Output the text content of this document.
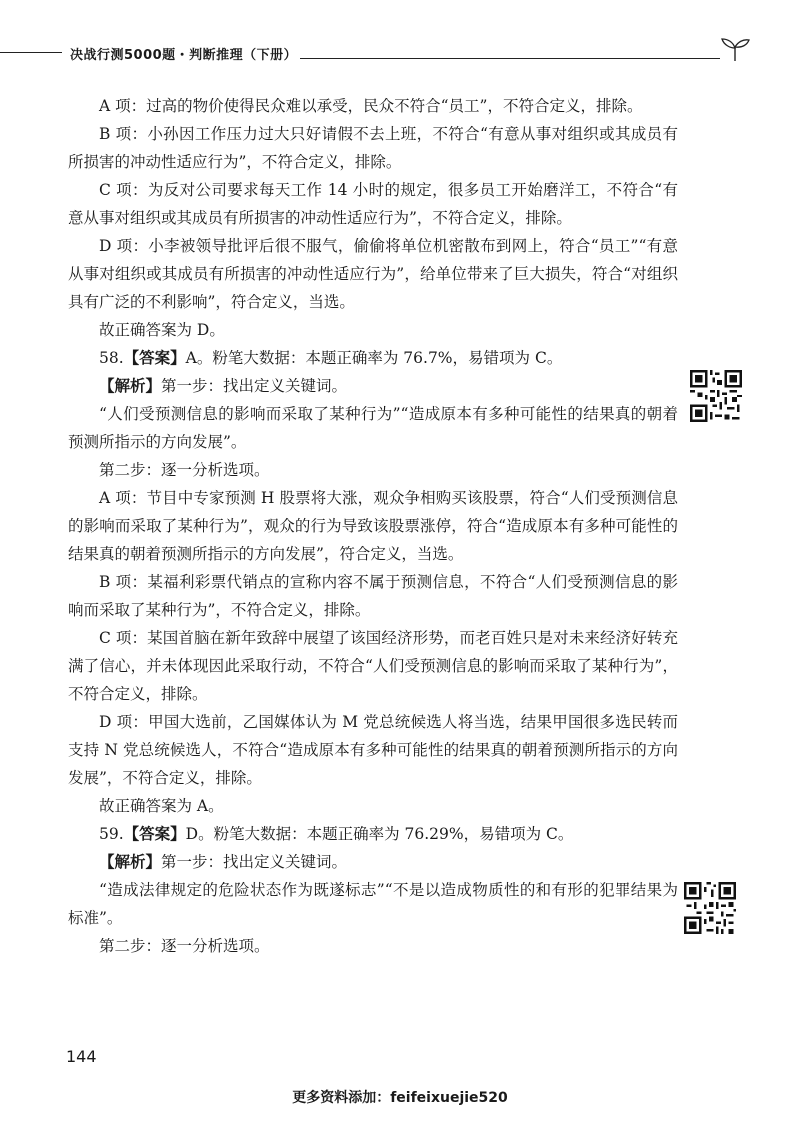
决战行测5000题・判断推理（下册）

A 项：过高的物价使得民众难以承受，民众不符合“员工”，不符合定义，排除。

B 项：小孙因工作压力过大只好请假不去上班，不符合“有意从事对组织或其成员有所损害的冲动性适应行为”，不符合定义，排除。

C 项：为反对公司要求每天工作 14 小时的规定，很多员工开始磨洋工，不符合“有意从事对组织或其成员有所损害的冲动性适应行为”，不符合定义，排除。

D 项：小李被领导批评后很不服气，偷偷将单位机密散布到网上，符合“员工”“有意从事对组织或其成员有所损害的冲动性适应行为”，给单位带来了巨大损失，符合“对组织具有广泛的不利影响”，符合定义，当选。

故正确答案为 D。

58.【答案】A。粉笔大数据：本题正确率为 76.7%，易错项为 C。

【解析】第一步：找出定义关键词。

“人们受预测信息的影响而采取了某种行为”“造成原本有多种可能性的结果真的朝着预测所指示的方向发展”。

第二步：逐一分析选项。

A 项：节目中专家预测 H 股票将大涨，观众争相购买该股票，符合“人们受预测信息的影响而采取了某种行为”，观众的行为导致该股票涨停，符合“造成原本有多种可能性的结果真的朝着预测所指示的方向发展”，符合定义，当选。

B 项：某福利彩票代销点的宣称内容不属于预测信息，不符合“人们受预测信息的影响而采取了某种行为”，不符合定义，排除。

C 项：某国首脑在新年致辞中展望了该国经济形势，而老百姓只是对未来经济好转充满了信心，并未体现因此采取行动，不符合“人们受预测信息的影响而采取了某种行为”，不符合定义，排除。

D 项：甲国大选前，乙国媒体认为 M 党总统候选人将当选，结果甲国很多选民转而支持 N 党总统候选人，不符合“造成原本有多种可能性的结果真的朝着预测所指示的方向发展”，不符合定义，排除。

故正确答案为 A。

59.【答案】D。粉笔大数据：本题正确率为 76.29%，易错项为 C。

【解析】第一步：找出定义关键词。

“造成法律规定的危险状态作为既遂标志”“不是以造成物质性的和有形的犯罪结果为标准”。

第二步：逐一分析选项。

144
更多资料添加：feifeixuejie520
